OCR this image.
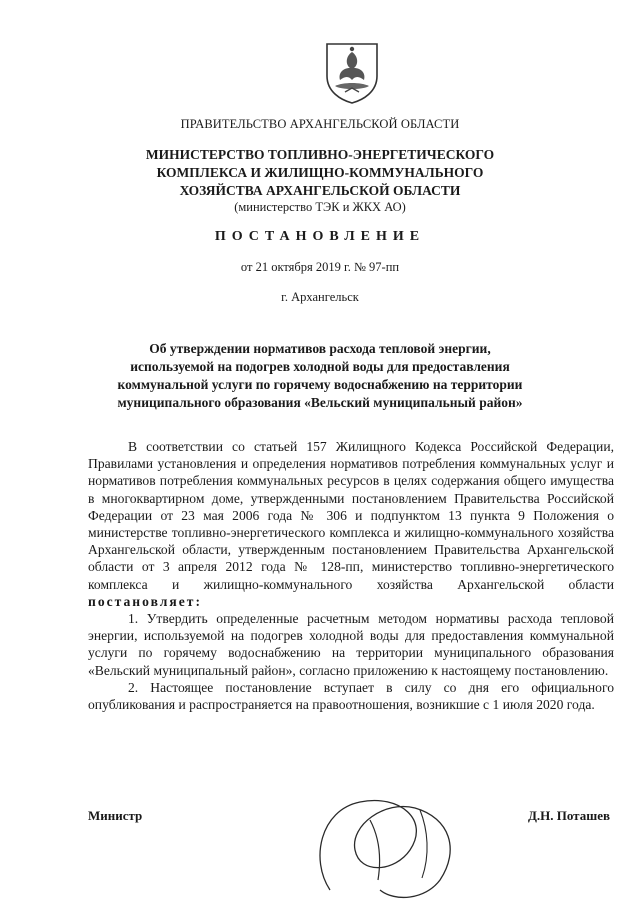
ПРАВИТЕЛЬСТВО АРХАНГЕЛЬСКОЙ ОБЛАСТИ
МИНИСТЕРСТВО ТОПЛИВНО-ЭНЕРГЕТИЧЕСКОГО
КОМПЛЕКСА И ЖИЛИЩНО-КОММУНАЛЬНОГО
ХОЗЯЙСТВА АРХАНГЕЛЬСКОЙ ОБЛАСТИ
(министерство ТЭК и ЖКХ АО)
ПОСТАНОВЛЕНИЕ
от 21 октября 2019 г. № 97-пп
г. Архангельск
Об утверждении нормативов расхода тепловой энергии,
используемой на подогрев холодной воды для предоставления
коммунальной услуги по горячему водоснабжению на территории
муниципального образования «Вельский муниципальный район»

В соответствии со статьей 157 Жилищного Кодекса Российской Федерации, Правилами установления и определения нормативов потребления коммунальных услуг и нормативов потребления коммунальных ресурсов в целях содержания общего имущества в многоквартирном доме, утвержденными постановлением Правительства Российской Федерации от 23 мая 2006 года № 306 и подпунктом 13 пункта 9 Положения о министерстве топливно-энергетического комплекса и жилищно-коммунального хозяйства Архангельской области, утвержденным постановлением Правительства Архангельской области от 3 апреля 2012 года № 128-пп, министерство топливно-энергетического комплекса и жилищно-коммунального хозяйства Архангельской области постановляет:

1. Утвердить определенные расчетным методом нормативы расхода тепловой энергии, используемой на подогрев холодной воды для предоставления коммунальной услуги по горячему водоснабжению на территории муниципального образования «Вельский муниципальный район», согласно приложению к настоящему постановлению.

2. Настоящее постановление вступает в силу со дня его официального опубликования и распространяется на правоотношения, возникшие с 1 июля 2020 года.

Министр	Д.Н. Поташев
